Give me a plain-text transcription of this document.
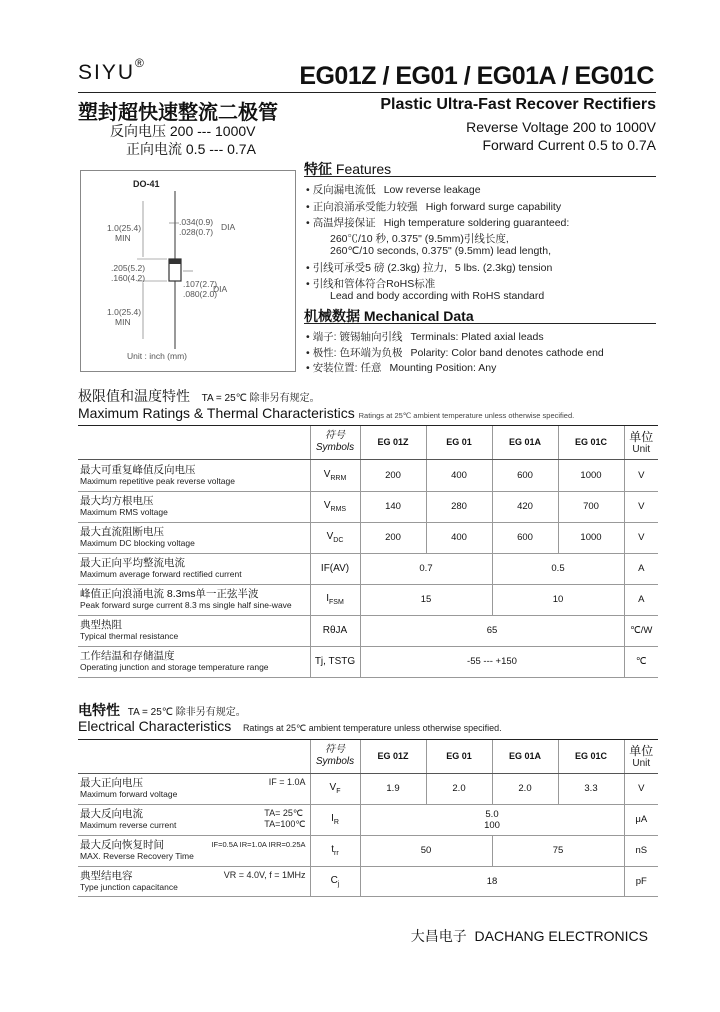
SIYU®	EG01Z / EG01 / EG01A / EG01C
塑封超快速整流二极管	Plastic Ultra-Fast Recover Rectifiers
反向电压 200 --- 1000V
正向电流 0.5 --- 0.7A
Reverse Voltage 200 to 1000V
Forward Current 0.5 to 0.7A
DO-41
1.0(25.4)
MIN
.034(0.9)
.028(0.7) DIA
.205(5.2)
.160(4.2)
.107(2.7)
.080(2.0)
DIA
1.0(25.4)
MIN
Unit : inch (mm)
特征 Features
• 反向漏电流低 Low reverse leakage
• 正向浪涌承受能力较强 High forward surge capability
• 高温焊接保证 High temperature soldering guaranteed:
260℃/10 秒, 0.375" (9.5mm)引线长度,
260℃/10 seconds, 0.375" (9.5mm) lead length,
• 引线可承受5 磅 (2.3kg) 拉力, 5 lbs. (2.3kg) tension
• 引线和管体符合RoHS标准
Lead and body according with RoHS standard
机械数据 Mechanical Data
• 端子: 镀锡轴向引线 Terminals: Plated axial leads
• 极性: 色环端为负极 Polarity: Color band denotes cathode end
• 安装位置: 任意 Mounting Position: Any
极限值和温度特性 TA = 25℃ 除非另有规定。
Maximum Ratings & Thermal Characteristics Ratings at 25℃ ambient temperature unless otherwise specified.

	符号
Symbols	EG 01Z	EG 01	EG 01A	EG 01C	单位
Unit

最大可重复峰值反向电压
Maximum repetitive peak reverse voltage	$V_{RRM}$	200	400	600	1000	V

最大均方根电压
Maximum RMS voltage	$V_{RMS}$	140	280	420	700	V

最大直流阻断电压
Maximum DC blocking voltage	$V_{DC}$	200	400	600	1000	V

最大正向平均整流电流
Maximum average forward rectified current	IF(AV)	0.7		0.5		A

峰值正向浪涌电流 8.3ms单一正弦半波
Peak forward surge current 8.3 ms single half sine-wave	$I_{FSM}$	15		10		A

典型热阻
Typical thermal resistance	RθJA	65				℃/W

工作结温和存储温度
Operating junction and storage temperature range	Tj, TSTG	-55 --- +150				℃
电特性 TA = 25℃ 除非另有规定。
Electrical Characteristics Ratings at 25℃ ambient temperature unless otherwise specified.

	符号
Symbols	EG 01Z	EG 01	EG 01A	EG 01C	单位
Unit

最大正向电压
Maximum forward voltage
IF = 1.0A	$V_F$	1.9	2.0	2.0	3.3	V

最大反向电流
Maximum reverse current
TA= 25℃
TA=100℃	$I_R$	5.0
100				μA

最大反向恢复时间
MAX. Reverse Recovery Time
IF=0.5A IR=1.0A IRR=0.25A	$t_{rr}$	50		75		nS

典型结电容
Type junction capacitance
VR = 4.0V, f = 1MHz	$C_j$	18				pF
大昌电子 DACHANG ELECTRONICS
